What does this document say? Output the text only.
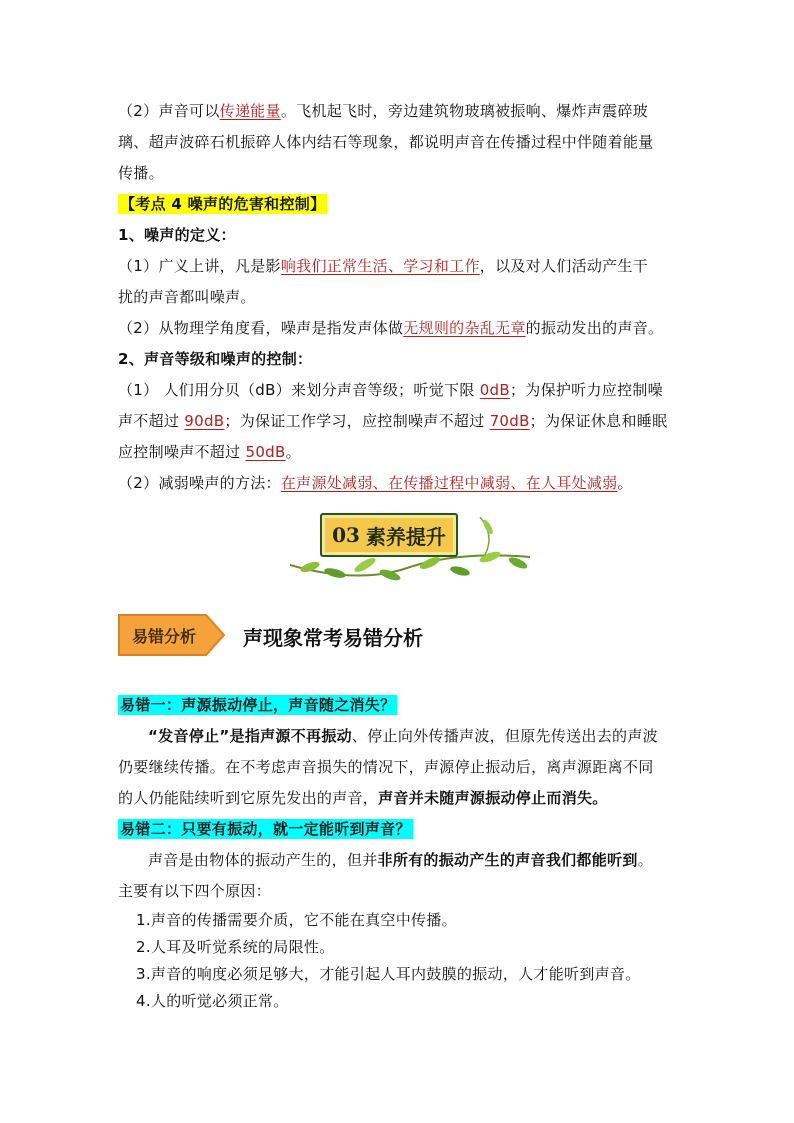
（2）声音可以传递能量。飞机起飞时，旁边建筑物玻璃被振响、爆炸声震碎玻

璃、超声波碎石机振碎人体内结石等现象，都说明声音在传播过程中伴随着能量

传播。

【考点 4 噪声的危害和控制】

1、噪声的定义：

（1）广义上讲，凡是影响我们正常生活、学习和工作，以及对人们活动产生干

扰的声音都叫噪声。

（2）从物理学角度看，噪声是指发声体做无规则的杂乱无章的振动发出的声音。

2、声音等级和噪声的控制：

（1） 人们用分贝（dB）来划分声音等级；听觉下限 0dB；为保护听力应控制噪

声不超过 90dB；为保证工作学习，应控制噪声不超过 70dB；为保证休息和睡眠

应控制噪声不超过 50dB。

（2）减弱噪声的方法：在声源处减弱、在传播过程中减弱、在人耳处减弱。

03 素养提升
易错分析	声现象常考易错分析

易错一：声源振动停止，声音随之消失？

“发音停止”是指声源不再振动、停止向外传播声波，但原先传送出去的声波

仍要继续传播。在不考虑声音损失的情况下，声源停止振动后，离声源距离不同

的人仍能陆续听到它原先发出的声音，声音并未随声源振动停止而消失。

易错二：只要有振动，就一定能听到声音？

声音是由物体的振动产生的，但并非所有的振动产生的声音我们都能听到。

主要有以下四个原因：

1.声音的传播需要介质，它不能在真空中传播。

2.人耳及听觉系统的局限性。

3.声音的响度必须足够大，才能引起人耳内鼓膜的振动，人才能听到声音。

4.人的听觉必须正常。
